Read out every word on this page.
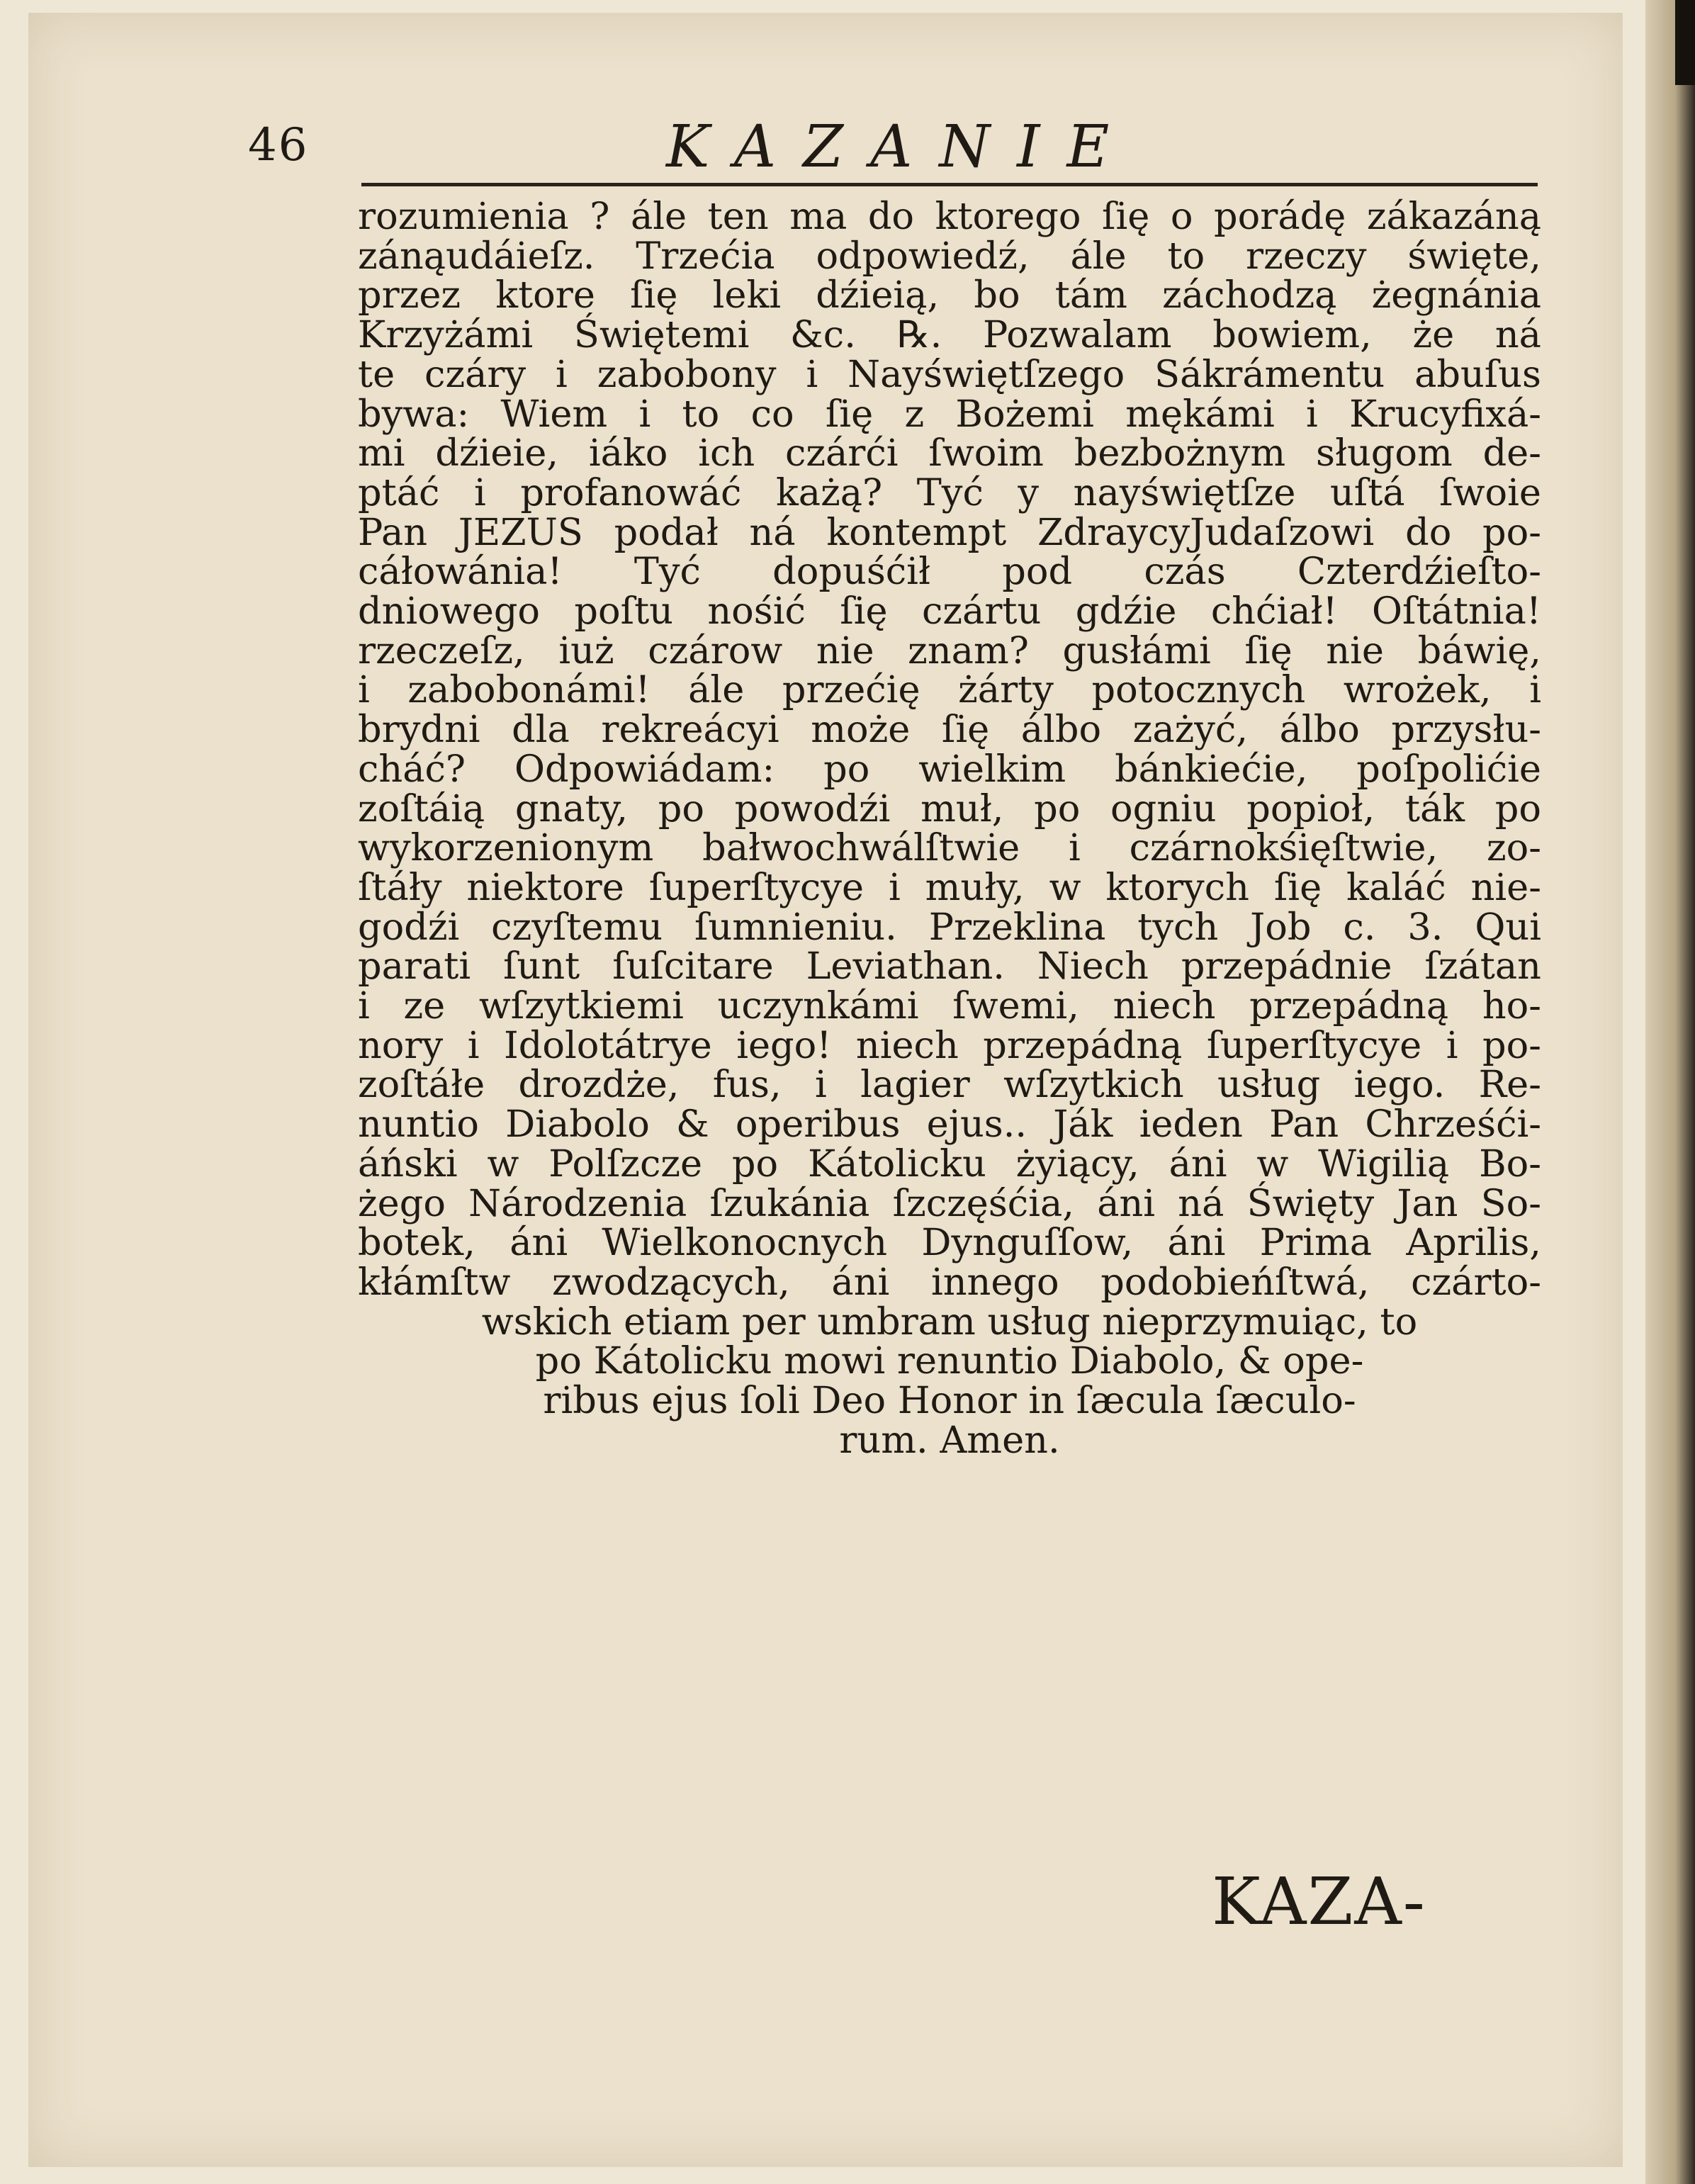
46	KAZANIE
rozumienia ? ále ten ma do ktorego ſię o porádę zákazáną
zánąudáieſz. Trzećia odpowiedź, ále to rzeczy święte,
przez ktore ſię leki dźieią, bo tám záchodzą żegnánia
Krzyżámi Świętemi &c. ℞. Pozwalam bowiem, że ná
te czáry i zabobony i Nayświętſzego Sákrámentu abuſus
bywa: Wiem i to co ſię z Bożemi mękámi i Krucyfixá-
mi dźieie, iáko ich czárći ſwoim bezbożnym sługom de-
ptáć i profanowáć każą? Tyć y nayświętſze uſtá ſwoie
Pan JEZUS podał ná kontempt ZdraycyJudaſzowi do po-
cáłowánia! Tyć dopuśćił pod czás Czterdźieſto-
dniowego poſtu nośić ſię czártu gdźie chćiał! Oſtátnia!
rzeczeſz, iuż czárow nie znam? gusłámi ſię nie báwię,
i zabobonámi! ále przećię żárty potocznych wrożek, i
brydni dla rekreácyi może ſię álbo zażyć, álbo przysłu-
cháć? Odpowiádam: po wielkim bánkiećie, poſpolićie
zoſtáią gnaty, po powodźi muł, po ogniu popioł, ták po
wykorzenionym bałwochwálſtwie i czárnokśięſtwie, zo-
ſtáły niektore ſuperſtycye i muły, w ktorych ſię kaláć nie-
godźi czyſtemu ſumnieniu. Przeklina tych Job c. 3. Qui
parati ſunt ſuſcitare Leviathan. Niech przepádnie ſzátan
i ze wſzytkiemi uczynkámi ſwemi, niech przepádną ho-
nory i Idolotátrye iego! niech przepádną ſuperſtycye i po-
zoſtáłe drozdże, fus, i lagier wſzytkich usług iego. Re-
nuntio Diabolo & operibus ejus.. Ják ieden Pan Chrześći-
áński w Polſzcze po Kátolicku żyiący, áni w Wigilią Bo-
żego Národzenia ſzukánia ſzczęśćia, áni ná Święty Jan So-
botek, áni Wielkonocnych Dynguſſow, áni Prima Aprilis,
kłámſtw zwodzących, áni innego podobieńſtwá, czárto-
wskich etiam per umbram usług nieprzymuiąc, to
po Kátolicku mowi renuntio Diabolo, & ope-
ribus ejus ſoli Deo Honor in ſæcula ſæculo-
rum. Amen.
KAZA-
